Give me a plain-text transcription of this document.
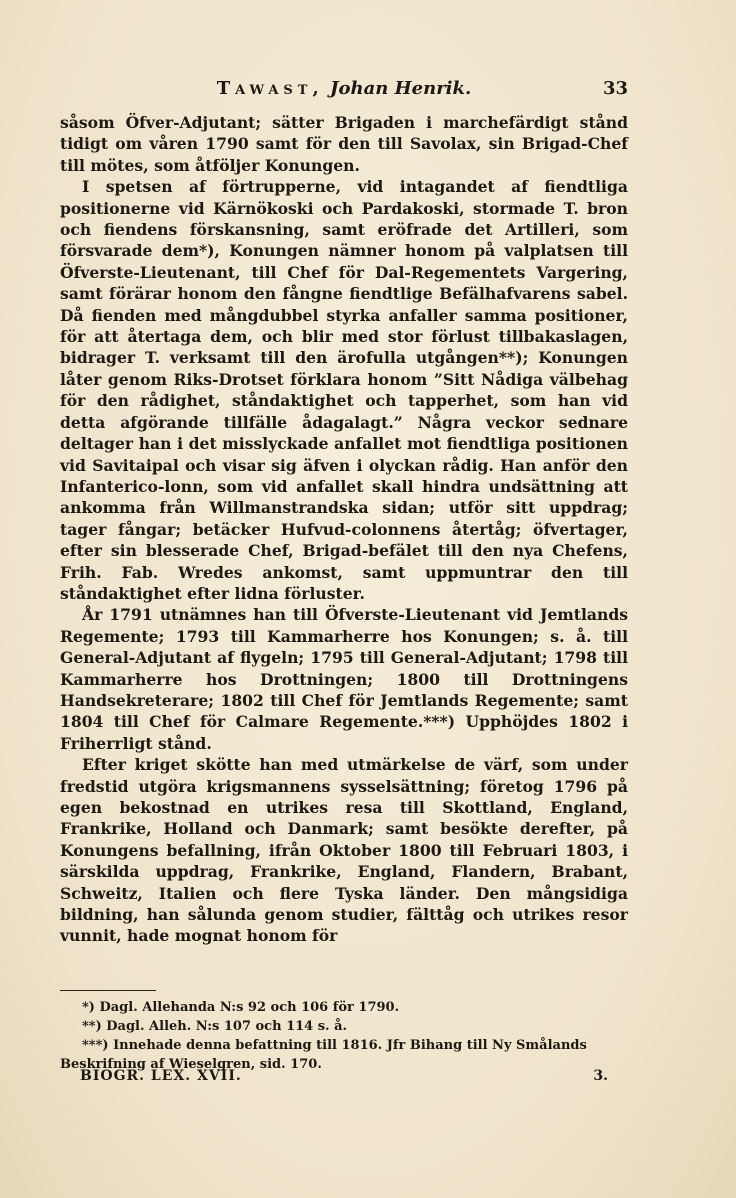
Tawast, Johan Henrik.	33

såsom Öfver-Adjutant; sätter Brigaden i marchefärdigt stånd tidigt om våren 1790 samt för den till Savolax, sin Brigad-Chef till mötes, som åtföljer Konungen.

I spetsen af förtrupperne, vid intagandet af fiendtliga positionerne vid Kärnökoski och Pardakoski, stormade T. bron och fiendens förskansning, samt eröfrade det Artilleri, som försvarade dem*), Konungen nämner honom på valplatsen till Öfverste-Lieutenant, till Chef för Dal-Regementets Vargering, samt förärar honom den fångne fiendtlige Befälhafvarens sabel. Då fienden med mångdubbel styrka anfaller samma positioner, för att återtaga dem, och blir med stor förlust tillbakaslagen, bidrager T. verksamt till den ärofulla utgången**); Konungen låter genom Riks-Drotset förklara honom ”Sitt Nådiga välbehag för den rådighet, ståndaktighet och tapperhet, som han vid detta afgörande tillfälle ådagalagt.” Några veckor sednare deltager han i det misslyckade anfallet mot fiendtliga positionen vid Savitaipal och visar sig äfven i olyckan rådig. Han anför den Infanterico-lonn, som vid anfallet skall hindra undsättning att ankomma från Willmanstrandska sidan; utför sitt uppdrag; tager fångar; betäcker Hufvud-colonnens återtåg; öfvertager, efter sin blesserade Chef, Brigad-befälet till den nya Chefens, Frih. Fab. Wredes ankomst, samt uppmuntrar den till ståndaktighet efter lidna förluster.

År 1791 utnämnes han till Öfverste-Lieutenant vid Jemtlands Regemente; 1793 till Kammarherre hos Konungen; s. å. till General-Adjutant af flygeln; 1795 till General-Adjutant; 1798 till Kammarherre hos Drottningen; 1800 till Drottningens Handsekreterare; 1802 till Chef för Jemtlands Regemente; samt 1804 till Chef för Calmare Regemente.***) Upphöjdes 1802 i Friherrligt stånd.

Efter kriget skötte han med utmärkelse de värf, som under fredstid utgöra krigsmannens sysselsättning; företog 1796 på egen bekostnad en utrikes resa till Skottland, England, Frankrike, Holland och Danmark; samt besökte derefter, på Konungens befallning, ifrån Oktober 1800 till Februari 1803, i särskilda uppdrag, Frankrike, England, Flandern, Brabant, Schweitz, Italien och flere Tyska länder. Den mångsidiga bildning, han sålunda genom studier, fälttåg och utrikes resor vunnit, hade mognat honom för

*) Dagl. Allehanda N:s 92 och 106 för 1790.

**) Dagl. Alleh. N:s 107 och 114 s. å.

***) Innehade denna befattning till 1816. Jfr Bihang till Ny Smålands Beskrifning af Wieselgren, sid. 170.

BIOGR. LEX. XVII.	3.
